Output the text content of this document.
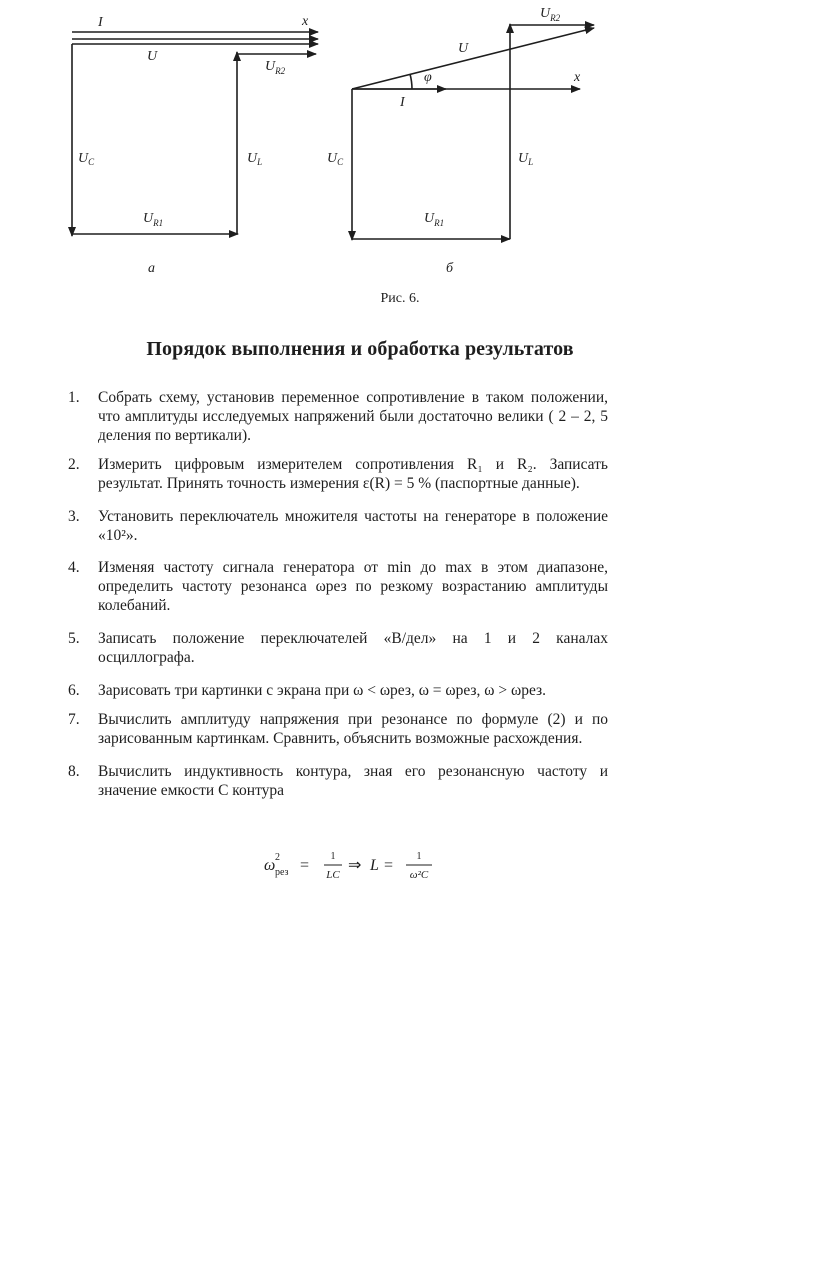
I	x
U
$U_{R2}$
$U_C$	$U_L$
$U_{R1}$
а
$U_{R2}$
U
φ	x
I
$U_C$	$U_L$
$U_{R1}$
б
Рис. 6.
Порядок выполнения и обработка результатов
1.	Собрать схему, установив переменное сопротивление в таком положении, что амплитуды исследуемых напряжений были достаточно велики ( 2 – 2, 5 деления по вертикали).
2.	Измерить цифровым измерителем сопротивления R₁ и R₂. Записать результат. Принять точность измерения ε(R) = 5 % (паспортные данные).
3.	Установить переключатель множителя частоты на генераторе в положение «10²».
4.	Изменяя частоту сигнала генератора от min до max в этом диапазоне, определить частоту резонанса ωрез по резкому возрастанию амплитуды колебаний.
5.	Записать положение переключателей «В/дел» на 1 и 2 каналах осциллографа.
6.	Зарисовать три картинки с экрана при ω < ωрез, ω = ωрез, ω > ωрез.
7.	Вычислить амплитуду напряжения при резонансе по формуле (2) и по зарисованным картинкам. Сравнить, объяснить возможные расхождения.
8.	Вычислить индуктивность контура, зная его резонансную частоту и значение емкости C контура
ω 2
рез =
1
LC
⇒ L =
1
ω²C
